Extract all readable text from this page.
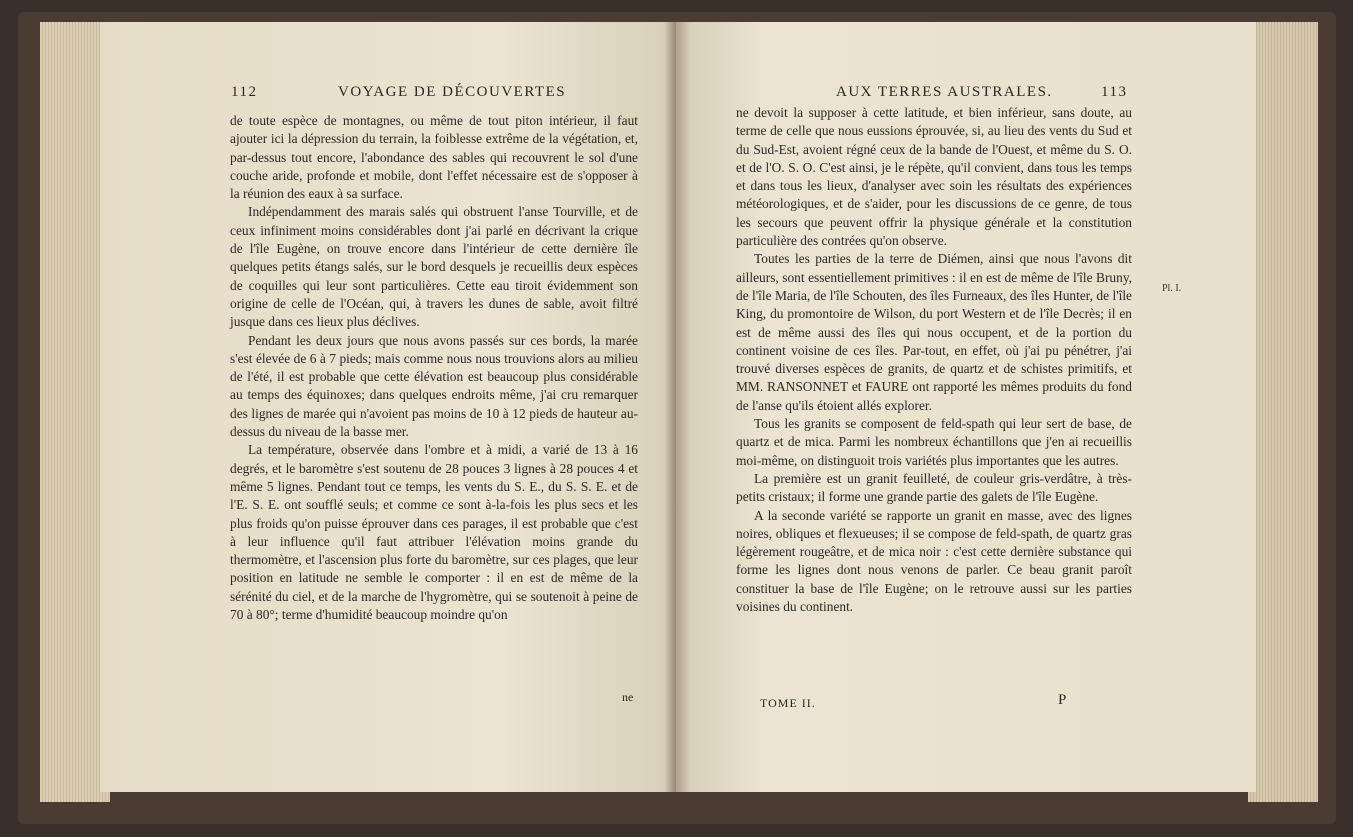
112	VOYAGE DE DÉCOUVERTES

de toute espèce de montagnes, ou même de tout piton intérieur, il faut ajouter ici la dépression du terrain, la foiblesse extrême de la végétation, et, par-dessus tout encore, l'abondance des sables qui recouvrent le sol d'une couche aride, profonde et mobile, dont l'effet nécessaire est de s'opposer à la réunion des eaux à sa surface.

Indépendamment des marais salés qui obstruent l'anse Tourville, et de ceux infiniment moins considérables dont j'ai parlé en décrivant la crique de l'île Eugène, on trouve encore dans l'intérieur de cette dernière île quelques petits étangs salés, sur le bord desquels je recueillis deux espèces de coquilles qui leur sont particulières. Cette eau tiroit évidemment son origine de celle de l'Océan, qui, à travers les dunes de sable, avoit filtré jusque dans ces lieux plus déclives.

Pendant les deux jours que nous avons passés sur ces bords, la marée s'est élevée de 6 à 7 pieds; mais comme nous nous trouvions alors au milieu de l'été, il est probable que cette élévation est beaucoup plus considérable au temps des équinoxes; dans quelques endroits même, j'ai cru remarquer des lignes de marée qui n'avoient pas moins de 10 à 12 pieds de hauteur au-dessus du niveau de la basse mer.

La température, observée dans l'ombre et à midi, a varié de 13 à 16 degrés, et le baromètre s'est soutenu de 28 pouces 3 lignes à 28 pouces 4 et même 5 lignes. Pendant tout ce temps, les vents du S. E., du S. S. E. et de l'E. S. E. ont soufflé seuls; et comme ce sont à-la-fois les plus secs et les plus froids qu'on puisse éprouver dans ces parages, il est probable que c'est à leur influence qu'il faut attribuer l'élévation moins grande du thermomètre, et l'ascension plus forte du baromètre, sur ces plages, que leur position en latitude ne semble le comporter : il en est de même de la sérénité du ciel, et de la marche de l'hygromètre, qui se soutenoit à peine de 70 à 80°; terme d'humidité beaucoup moindre qu'on

ne
AUX TERRES AUSTRALES.	113

ne devoit la supposer à cette latitude, et bien inférieur, sans doute, au terme de celle que nous eussions éprouvée, si, au lieu des vents du Sud et du Sud-Est, avoient régné ceux de la bande de l'Ouest, et même du S. O. et de l'O. S. O. C'est ainsi, je le répète, qu'il convient, dans tous les temps et dans tous les lieux, d'analyser avec soin les résultats des expériences météorologiques, et de s'aider, pour les discussions de ce genre, de tous les secours que peuvent offrir la physique générale et la constitution particulière des contrées qu'on observe.

Toutes les parties de la terre de Diémen, ainsi que nous l'avons dit ailleurs, sont essentiellement primitives : il en est de même de l'île Bruny, de l'île Maria, de l'île Schouten, des îles Furneaux, des îles Hunter, de l'île King, du promontoire de Wilson, du port Western et de l'île Decrès; il en est de même aussi des îles qui nous occupent, et de la portion du continent voisine de ces îles. Par-tout, en effet, où j'ai pu pénétrer, j'ai trouvé diverses espèces de granits, de quartz et de schistes primitifs, et MM. RANSONNET et FAURE ont rapporté les mêmes produits du fond de l'anse qu'ils étoient allés explorer.

Tous les granits se composent de feld-spath qui leur sert de base, de quartz et de mica. Parmi les nombreux échantillons que j'en ai recueillis moi-même, on distinguoit trois variétés plus importantes que les autres.

La première est un granit feuilleté, de couleur gris-verdâtre, à très-petits cristaux; il forme une grande partie des galets de l'île Eugène.

A la seconde variété se rapporte un granit en masse, avec des lignes noires, obliques et flexueuses; il se compose de feld-spath, de quartz gras légèrement rougeâtre, et de mica noir : c'est cette dernière substance qui forme les lignes dont nous venons de parler. Ce beau granit paroît constituer la base de l'île Eugène; on le retrouve aussi sur les parties voisines du continent.

TOME II.	P
Pl. I.
